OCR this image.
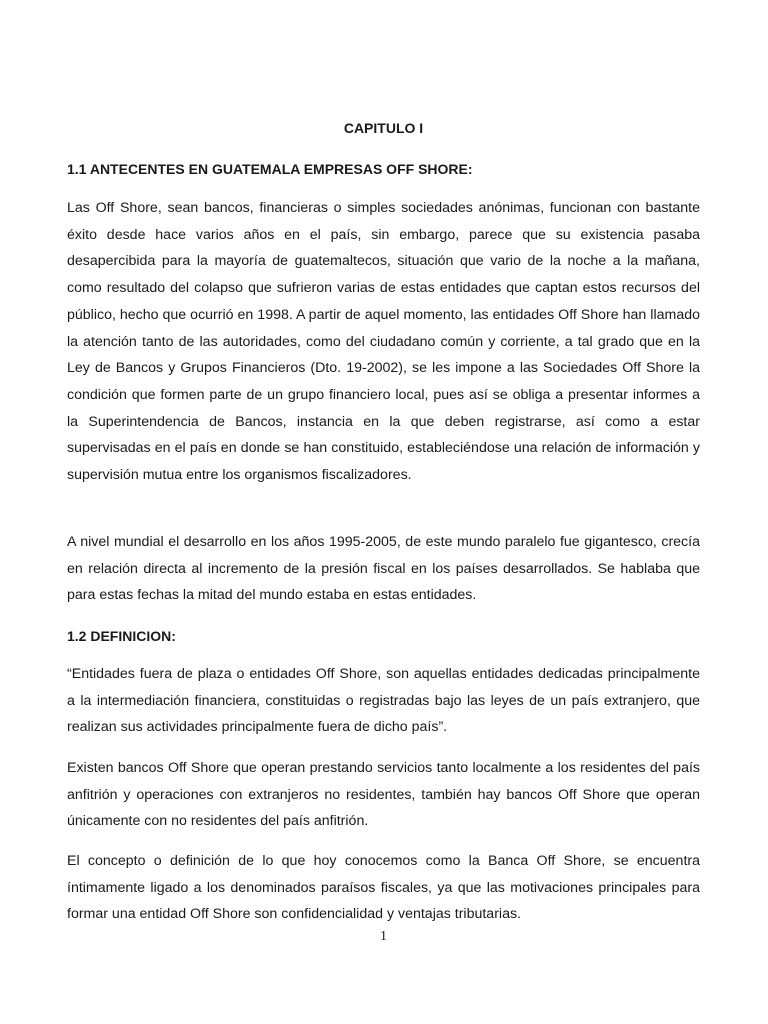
CAPITULO I
1.1 ANTECENTES EN GUATEMALA EMPRESAS OFF SHORE:

Las Off Shore, sean bancos, financieras o simples sociedades anónimas, funcionan con bastante éxito desde hace varios años en el país, sin embargo, parece que su existencia pasaba desapercibida para la mayoría de guatemaltecos, situación que vario de la noche a la mañana, como resultado del colapso que sufrieron varias de estas entidades que captan estos recursos del público, hecho que ocurrió en 1998. A partir de aquel momento, las entidades Off Shore han llamado la atención tanto de las autoridades, como del ciudadano común y corriente, a tal grado que en la Ley de Bancos y Grupos Financieros (Dto. 19-2002), se les impone a las Sociedades Off Shore la condición que formen parte de un grupo financiero local, pues así se obliga a presentar informes a la Superintendencia de Bancos, instancia en la que deben registrarse, así como a estar supervisadas en el país en donde se han constituido, estableciéndose una relación de información y supervisión mutua entre los organismos fiscalizadores.

A nivel mundial el desarrollo en los años 1995-2005, de este mundo paralelo fue gigantesco, crecía en relación directa al incremento de la presión fiscal en los países desarrollados. Se hablaba que para estas fechas la mitad del mundo estaba en estas entidades.

1.2 DEFINICION:

“Entidades fuera de plaza o entidades Off Shore, son aquellas entidades dedicadas principalmente a la intermediación financiera, constituidas o registradas bajo las leyes de un país extranjero, que realizan sus actividades principalmente fuera de dicho país”.

Existen bancos Off Shore que operan prestando servicios tanto localmente a los residentes del país anfitrión y operaciones con extranjeros no residentes, también hay bancos Off Shore que operan únicamente con no residentes del país anfitrión.

El concepto o definición de lo que hoy conocemos como la Banca Off Shore, se encuentra íntimamente ligado a los denominados paraísos fiscales, ya que las motivaciones principales para formar una entidad Off Shore son confidencialidad y ventajas tributarias.

1
